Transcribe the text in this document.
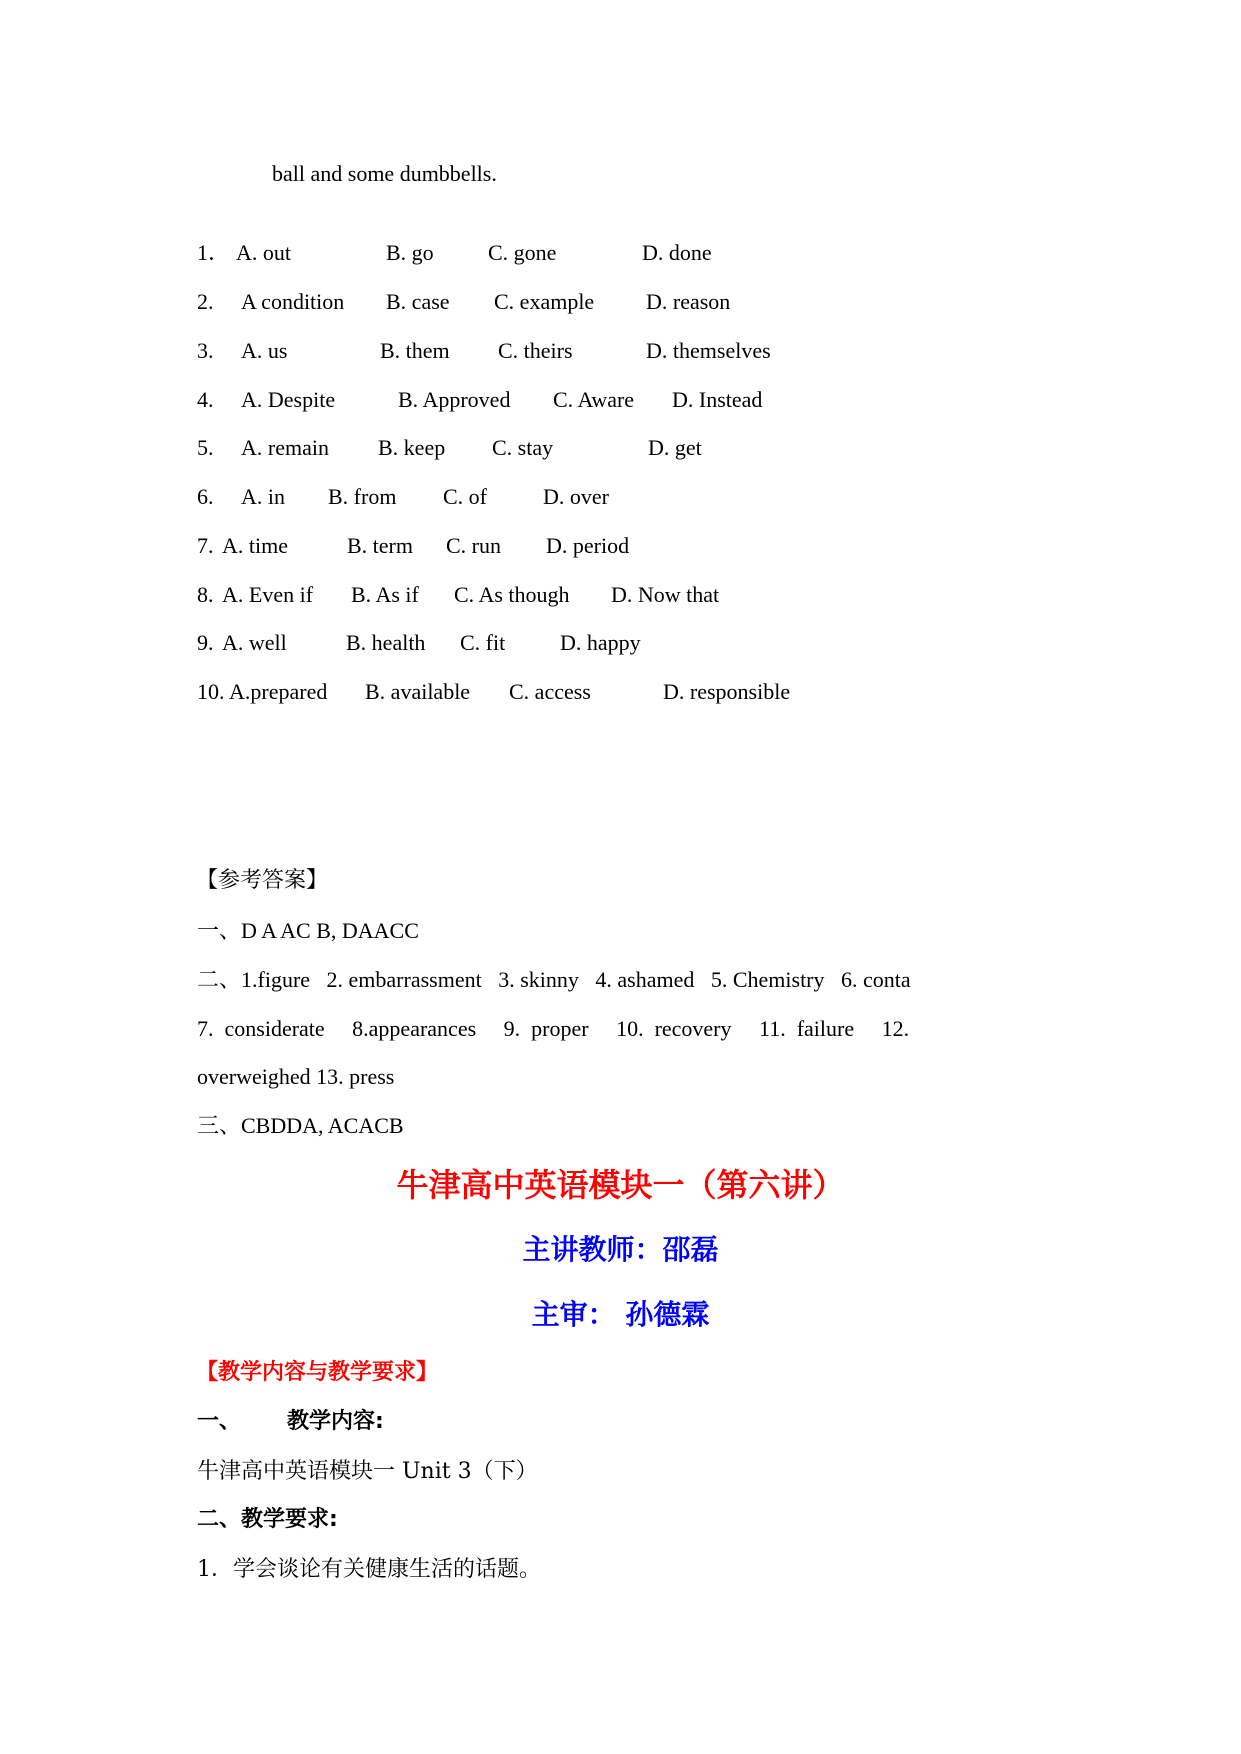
ball and some dumbbells.
1． A. out	B. go C. gone	D. done
2. A condition B. case C. example D. reason
3. A. us	B. them C. theirs	D. themselves
4. A. Despite	B. Approved C. Aware D. Instead
5. A. remain B. keep C. stay	D. get
6. A. in B. from C. of	D. over
7. A. time	B. term C. run D. period
8. A. Even if B. As if C. As though D. Now that
9. A. well	B. health C. fit D. happy
10. A.prepared B. available C. access	D. responsible
【参考答案】
一、D A AC B, DAACC
二、1.figure   2. embarrassment   3. skinny   4. ashamed   5. Chemistry   6. conta
7.  considerate     8.appearances     9.  proper     10.  recovery     11.  failure     12.
overweighed 13. press
三、CBDDA, ACACB
牛津高中英语模块一（第六讲）
主讲教师：邵磊
主审： 孙德霖
【教学内容与教学要求】
一、      教学内容:
牛津高中英语模块一 Unit 3（下）
二、教学要求:
1．学会谈论有关健康生活的话题。
